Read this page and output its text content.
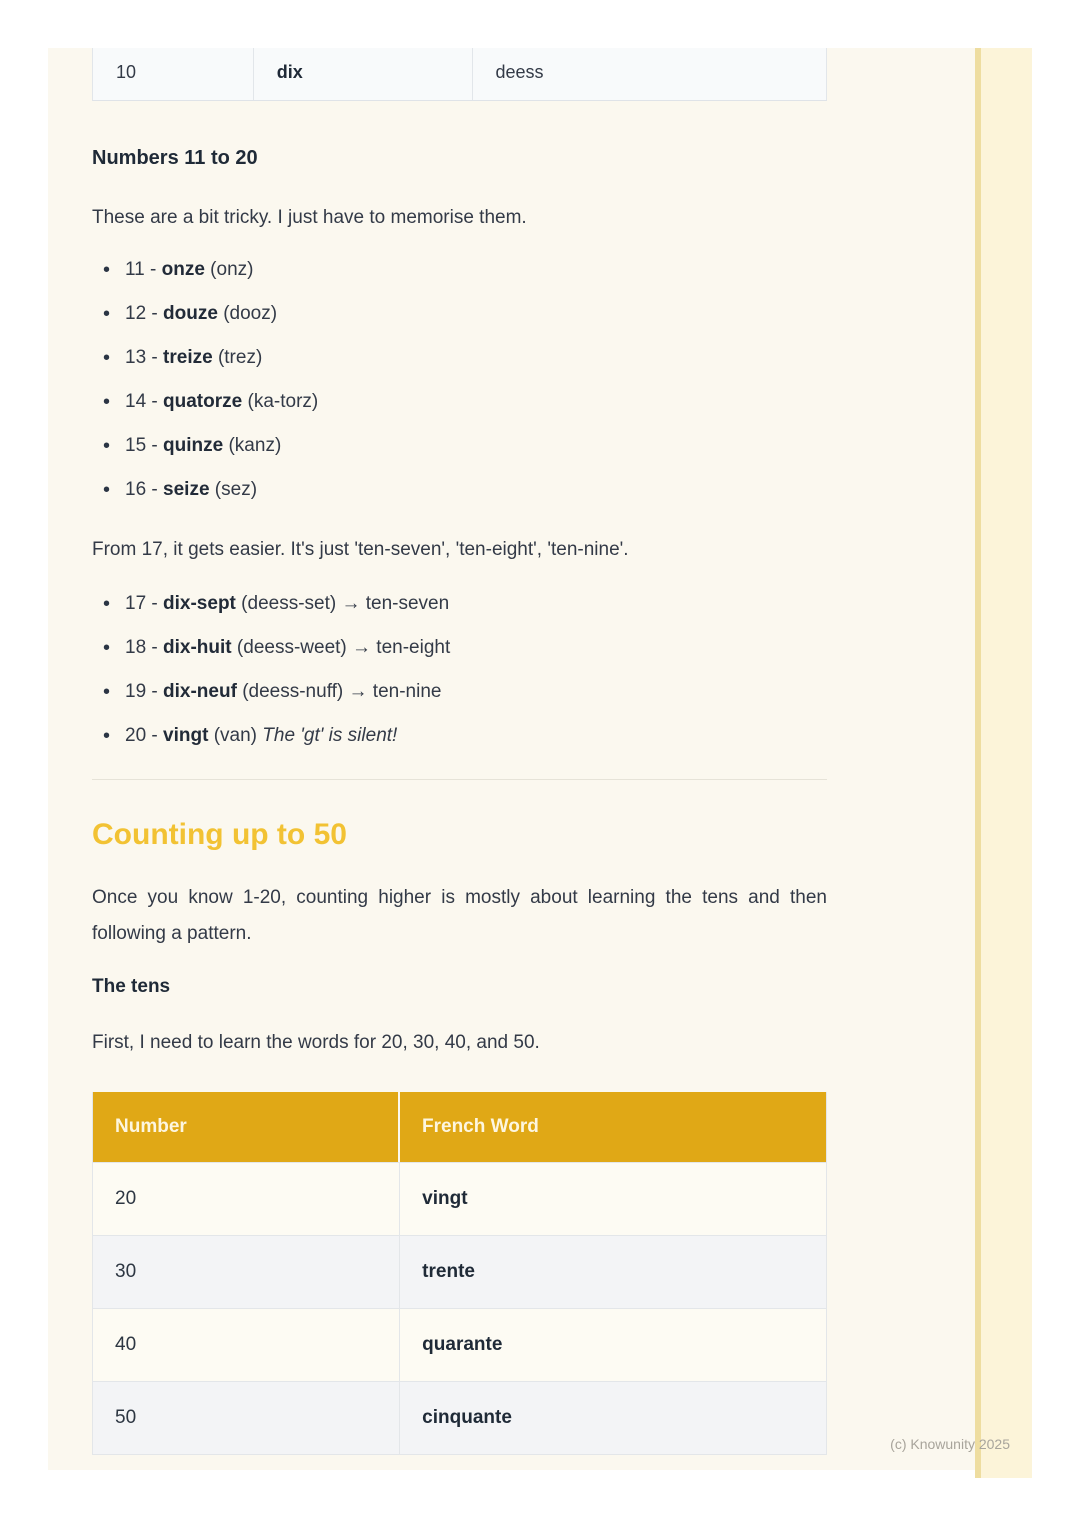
10	dix	deess
Numbers 11 to 20

These are a bit tricky. I just have to memorise them.

• 11 - onze (onz)
• 12 - douze (dooz)
• 13 - treize (trez)
• 14 - quatorze (ka-torz)
• 15 - quinze (kanz)
• 16 - seize (sez)

From 17, it gets easier. It's just 'ten-seven', 'ten-eight', 'ten-nine'.

• 17 - dix-sept (deess-set) → ten-seven
• 18 - dix-huit (deess-weet) → ten-eight
• 19 - dix-neuf (deess-nuff) → ten-nine
• 20 - vingt (van) The 'gt' is silent!
Counting up to 50

Once you know 1-20, counting higher is mostly about learning the tens and then following a pattern.

The tens

First, I need to learn the words for 20, 30, 40, and 50.

Number	French Word
20	vingt
30	trente
40	quarante
50	cinquante
(c) Knowunity 2025
